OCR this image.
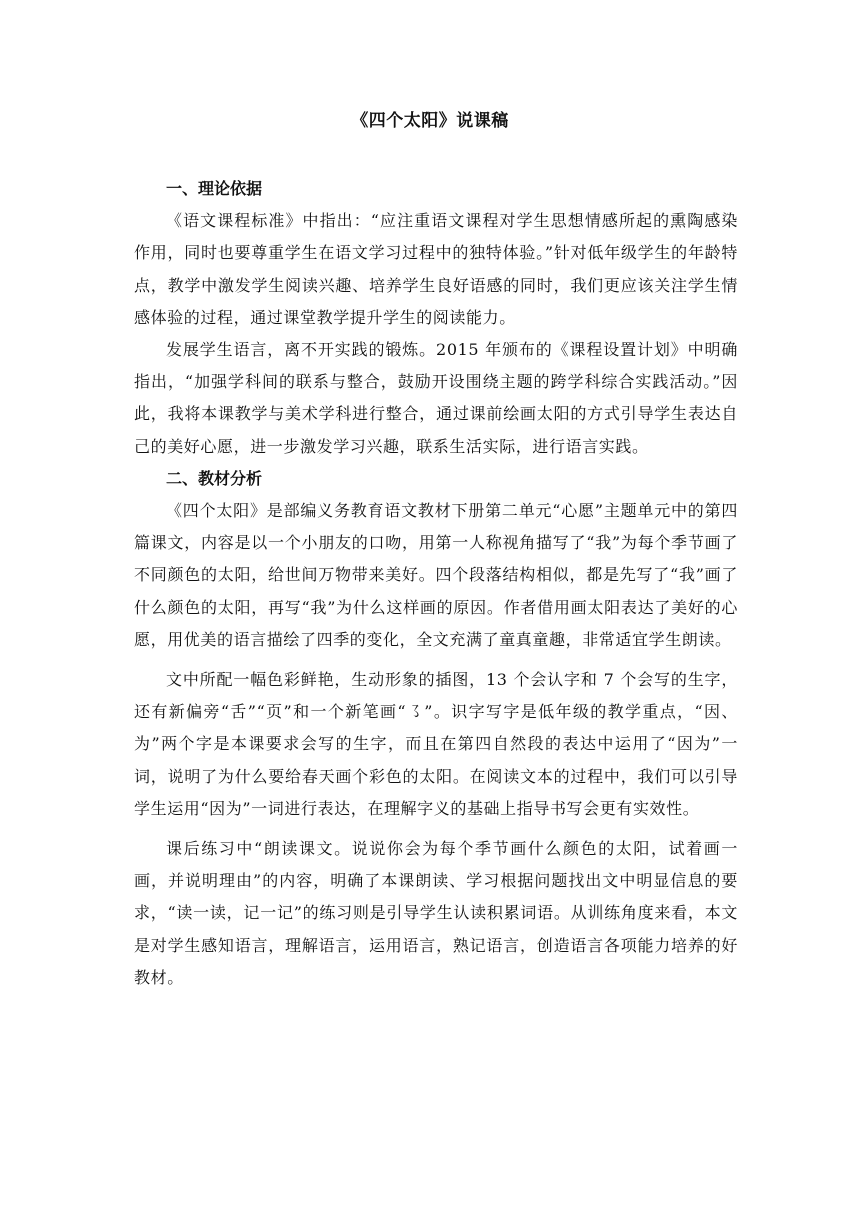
《四个太阳》说课稿

一、理论依据

《语文课程标准》中指出：“应注重语文课程对学生思想情感所起的熏陶感染作用，同时也要尊重学生在语文学习过程中的独特体验。”针对低年级学生的年龄特点，教学中激发学生阅读兴趣、培养学生良好语感的同时，我们更应该关注学生情感体验的过程，通过课堂教学提升学生的阅读能力。

发展学生语言，离不开实践的锻炼。2015 年颁布的《课程设置计划》中明确指出，“加强学科间的联系与整合，鼓励开设围绕主题的跨学科综合实践活动。”因此，我将本课教学与美术学科进行整合，通过课前绘画太阳的方式引导学生表达自己的美好心愿，进一步激发学习兴趣，联系生活实际，进行语言实践。

二、教材分析

《四个太阳》是部编义务教育语文教材下册第二单元“心愿”主题单元中的第四篇课文，内容是以一个小朋友的口吻，用第一人称视角描写了“我”为每个季节画了不同颜色的太阳，给世间万物带来美好。四个段落结构相似，都是先写了“我”画了什么颜色的太阳，再写“我”为什么这样画的原因。作者借用画太阳表达了美好的心愿，用优美的语言描绘了四季的变化，全文充满了童真童趣，非常适宜学生朗读。

文中所配一幅色彩鲜艳，生动形象的插图，13 个会认字和 7 个会写的生字，还有新偏旁“舌”“页”和一个新笔画“㇌”。识字写字是低年级的教学重点，“因、为”两个字是本课要求会写的生字，而且在第四自然段的表达中运用了“因为”一词，说明了为什么要给春天画个彩色的太阳。在阅读文本的过程中，我们可以引导学生运用“因为”一词进行表达，在理解字义的基础上指导书写会更有实效性。

课后练习中“朗读课文。说说你会为每个季节画什么颜色的太阳，试着画一画，并说明理由”的内容，明确了本课朗读、学习根据问题找出文中明显信息的要求，“读一读，记一记”的练习则是引导学生认读积累词语。从训练角度来看，本文是对学生感知语言，理解语言，运用语言，熟记语言，创造语言各项能力培养的好教材。
